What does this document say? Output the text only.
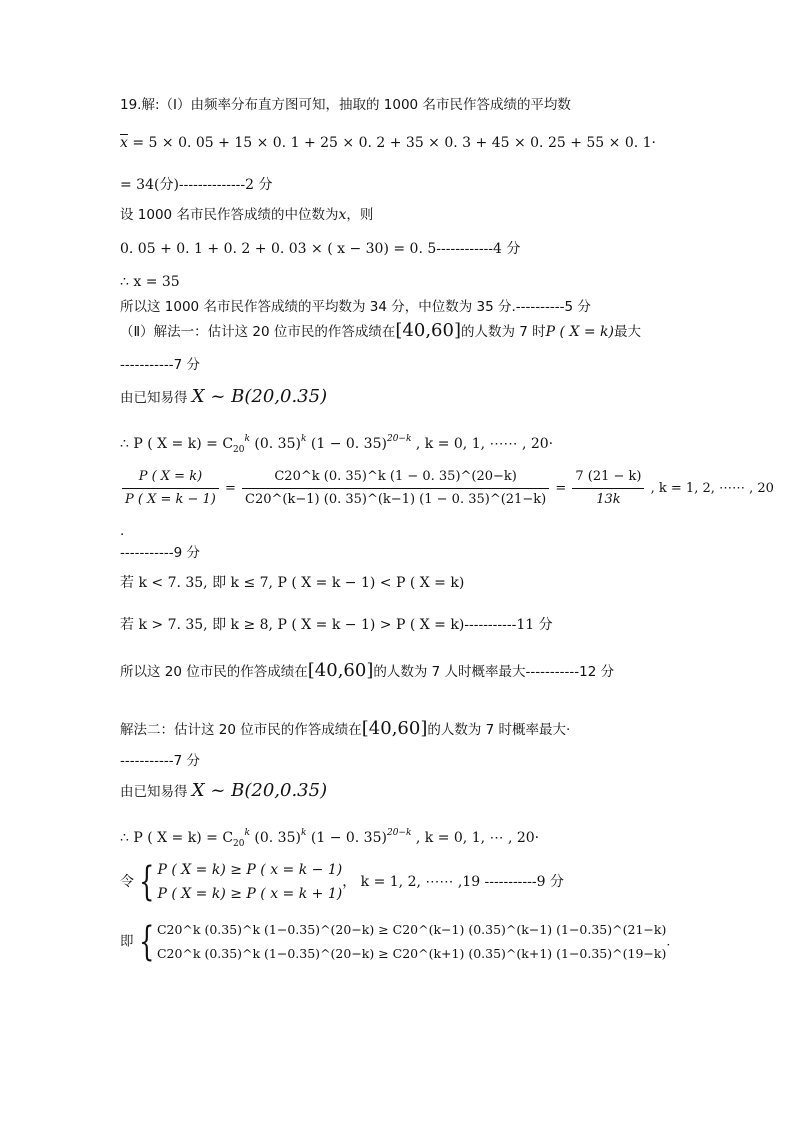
19.解:（Ⅰ）由频率分布直方图可知，抽取的 1000 名市民作答成绩的平均数
$\overline{x} = 5 \times 0$. 05 + 15 × 0. 1 + 25 × 0. 2 + 35 × 0. 3 + 45 × 0. 25 + 55 × 0. 1·
= 34(分)--------------2 分
设 1000 名市民作答成绩的中位数为x，则
0. 05 + 0. 1 + 0. 2 + 0. 03 × ( x − 30) = 0. 5------------4 分
∴ x = 35
所以这 1000 名市民作答成绩的平均数为 34 分，中位数为 35 分.----------5 分
（Ⅱ）解法一：估计这 20 位市民的作答成绩在[40,60]的人数为 7 时P ( X = k)最大
-----------7 分
由已知易得 X ~ B(20,0.35)
∴ P ( $X = k) = C_{20}^k$ (0. 35)$^k$ (1 − 0. 35)$^{20-k}$ , k = 0, 1, ⋯⋯ , 20·
$\frac{P ( X = k)}{P ( X = k - 1)} = \frac{C20\^{}k (0. 35)\^{}k (1 - 0. 35)\^{}(20-k)}{C20\^{}(k-1) (0. 35)\^{}(k-1) (1 - 0. 35)\^{}(21-k)} = \frac{7 (21 - k)}{13k}$ , k = 1, 2, ⋯⋯ , 20
.
-----------9 分
若 k < 7. 35, 即 k ≤ 7, P ( X = k − 1) < P ( X = k)
若 k > 7. 35, 即 k ≥ 8, P ( X = k − 1) > P ( X = k)-----------11 分
所以这 20 位市民的作答成绩在[40,60]的人数为 7 人时概率最大-----------12 分
解法二：估计这 20 位市民的作答成绩在[40,60]的人数为 7 时概率最大·
-----------7 分
由已知易得 X ~ B(20,0.35)
∴ P ( $X = k) = C_{20}^k$ (0. 35)$^k$ (1 − 0. 35)$^{20-k}$ , k = 0, 1, ⋯ , 20·
令 { P ( X = k) ≥ P ( x = k − 1)
P ( X = k) ≥ P ( x = k + 1)
， k = 1, 2, ⋯⋯ ,19 -----------9 分
即 { C20^k (0.35)^k (1−0.35)^(20−k) ≥ C20^(k−1) (0.35)^(k−1) (1−0.35)^(21−k)
C20^k (0.35)^k (1−0.35)^(20−k) ≥ C20^(k+1) (0.35)^(k+1) (1−0.35)^(19−k)
.
